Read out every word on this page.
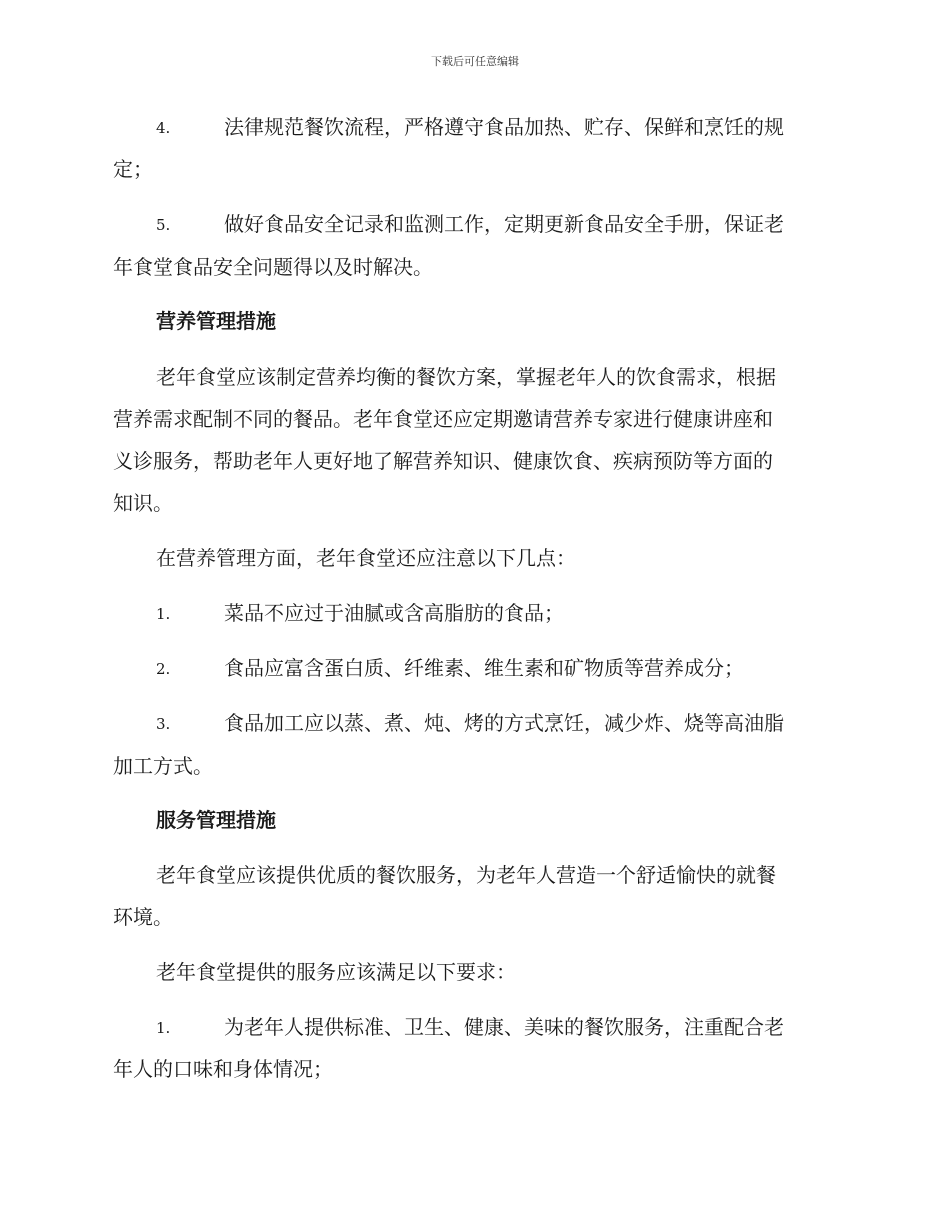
下载后可任意编辑
4.	法律规范餐饮流程，严格遵守食品加热、贮存、保鲜和烹饪的规
定；
5.	做好食品安全记录和监测工作，定期更新食品安全手册，保证老
年食堂食品安全问题得以及时解决。
营养管理措施
老年食堂应该制定营养均衡的餐饮方案，掌握老年人的饮食需求，根据
营养需求配制不同的餐品。老年食堂还应定期邀请营养专家进行健康讲座和
义诊服务，帮助老年人更好地了解营养知识、健康饮食、疾病预防等方面的
知识。
在营养管理方面，老年食堂还应注意以下几点：
1.	菜品不应过于油腻或含高脂肪的食品；
2.	食品应富含蛋白质、纤维素、维生素和矿物质等营养成分；
3.	食品加工应以蒸、煮、炖、烤的方式烹饪，减少炸、烧等高油脂
加工方式。
服务管理措施
老年食堂应该提供优质的餐饮服务，为老年人营造一个舒适愉快的就餐
环境。
老年食堂提供的服务应该满足以下要求：
1.	为老年人提供标准、卫生、健康、美味的餐饮服务，注重配合老
年人的口味和身体情况；
